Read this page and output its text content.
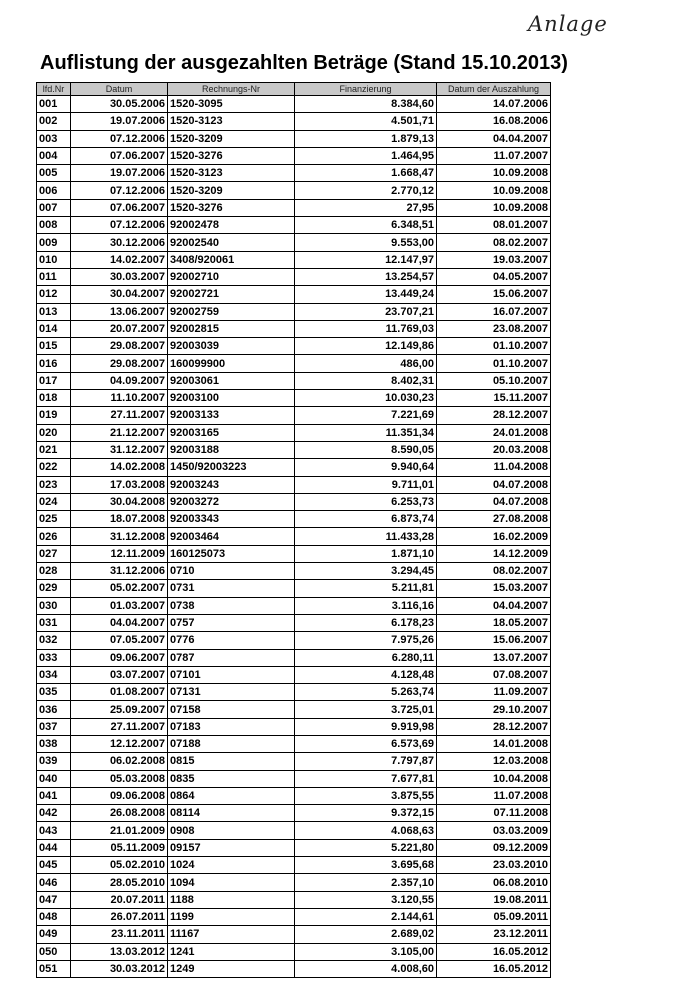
Anlage
Auflistung der ausgezahlten Beträge (Stand 15.10.2013)
lfd.Nr	Datum	Rechnungs-Nr	Finanzierung	Datum der Auszahlung
001	30.05.2006	1520-3095	8.384,60	14.07.2006
002	19.07.2006	1520-3123	4.501,71	16.08.2006
003	07.12.2006	1520-3209	1.879,13	04.04.2007
004	07.06.2007	1520-3276	1.464,95	11.07.2007
005	19.07.2006	1520-3123	1.668,47	10.09.2008
006	07.12.2006	1520-3209	2.770,12	10.09.2008
007	07.06.2007	1520-3276	27,95	10.09.2008
008	07.12.2006	92002478	6.348,51	08.01.2007
009	30.12.2006	92002540	9.553,00	08.02.2007
010	14.02.2007	3408/920061	12.147,97	19.03.2007
011	30.03.2007	92002710	13.254,57	04.05.2007
012	30.04.2007	92002721	13.449,24	15.06.2007
013	13.06.2007	92002759	23.707,21	16.07.2007
014	20.07.2007	92002815	11.769,03	23.08.2007
015	29.08.2007	92003039	12.149,86	01.10.2007
016	29.08.2007	160099900	486,00	01.10.2007
017	04.09.2007	92003061	8.402,31	05.10.2007
018	11.10.2007	92003100	10.030,23	15.11.2007
019	27.11.2007	92003133	7.221,69	28.12.2007
020	21.12.2007	92003165	11.351,34	24.01.2008
021	31.12.2007	92003188	8.590,05	20.03.2008
022	14.02.2008	1450/92003223	9.940,64	11.04.2008
023	17.03.2008	92003243	9.711,01	04.07.2008
024	30.04.2008	92003272	6.253,73	04.07.2008
025	18.07.2008	92003343	6.873,74	27.08.2008
026	31.12.2008	92003464	11.433,28	16.02.2009
027	12.11.2009	160125073	1.871,10	14.12.2009
028	31.12.2006	0710	3.294,45	08.02.2007
029	05.02.2007	0731	5.211,81	15.03.2007
030	01.03.2007	0738	3.116,16	04.04.2007
031	04.04.2007	0757	6.178,23	18.05.2007
032	07.05.2007	0776	7.975,26	15.06.2007
033	09.06.2007	0787	6.280,11	13.07.2007
034	03.07.2007	07101	4.128,48	07.08.2007
035	01.08.2007	07131	5.263,74	11.09.2007
036	25.09.2007	07158	3.725,01	29.10.2007
037	27.11.2007	07183	9.919,98	28.12.2007
038	12.12.2007	07188	6.573,69	14.01.2008
039	06.02.2008	0815	7.797,87	12.03.2008
040	05.03.2008	0835	7.677,81	10.04.2008
041	09.06.2008	0864	3.875,55	11.07.2008
042	26.08.2008	08114	9.372,15	07.11.2008
043	21.01.2009	0908	4.068,63	03.03.2009
044	05.11.2009	09157	5.221,80	09.12.2009
045	05.02.2010	1024	3.695,68	23.03.2010
046	28.05.2010	1094	2.357,10	06.08.2010
047	20.07.2011	1188	3.120,55	19.08.2011
048	26.07.2011	1199	2.144,61	05.09.2011
049	23.11.2011	11167	2.689,02	23.12.2011
050	13.03.2012	1241	3.105,00	16.05.2012
051	30.03.2012	1249	4.008,60	16.05.2012
